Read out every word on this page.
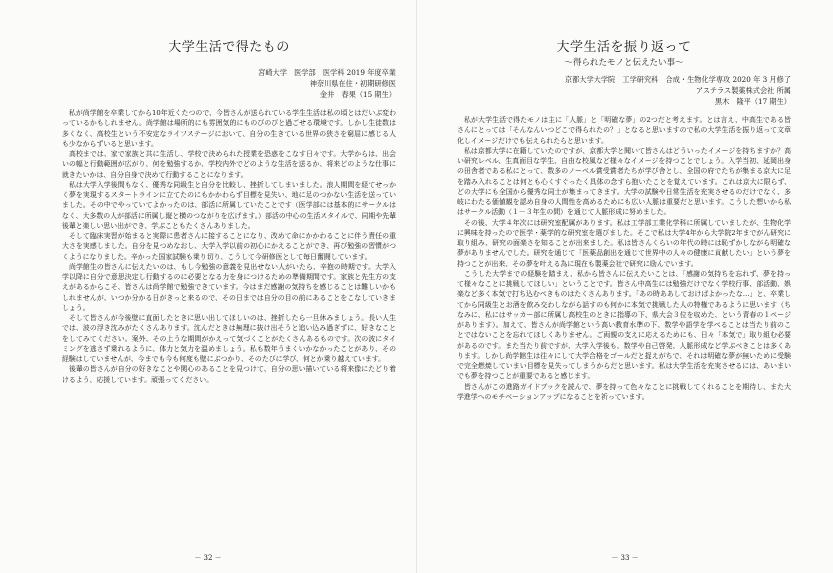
大学生活で得たもの
宮崎大学　医学部　医学科 2019 年度卒業
神奈川県在住・初期研修医
金井　春果（15 期生）

　私が尚学館を卒業してから10年近くたつので、今皆さんが送られている学生生活は私の頃とはだいぶ変わっているかもしれません。尚学館は場所的にも雰囲気的にものびのびと過ごせる環境です。しかし生徒数は多くなく、高校生という不安定なライフステージにおいて、自分の生きている世界の狭さを窮屈に感じる人も少なからずいると思います。

　高校までは、家で家族と共に生活し、学校で決められた授業を恐惑をこなす日々です。大学からは、出会いの幅と行動範囲が広がり、何を勉強するか、学校内外でどのような生活を送るか、将来どのような仕事に就きたいかは、自分自身で決めて行動することになります。

　私は大学入学後間もなく、優秀な同級生と自分を比較し、挫折してしまいました。浪人期間を経てせっかく夢を実現するスタートラインに立てたのにもかかわらず目標を見失い、地に足のつかない生活を送っていました。その中でやっていてよかったのは、部活に所属していたことです（医学部には基本的にサークルはなく、大多数の人が部活に所属し縦と横のつながりを広げます。）部活の中心の生活スタイルで、同期や先輩後輩と楽しい思い出ができ、学ぶこともたくさんありました。

　そして臨床実習が始まると実際に患者さんに接することになり、改めて命にかかわることに伴う責任の重大さを実感しました。自分を見つめなおし、大学入学以前の初心にかえることができ、再び勉強の習慣がつくようになりました。辛かった国家試験も乗り切り、こうして今研修医として毎日奮闘しています。

　尚学館生の皆さんに伝えたいのは、もし今勉強の意義を見出せない人がいたら、辛抱の時期です。大学入学以降に自分で意思決定し行動するのに必要となる力を身につけるための準備期間です。家族と先生方の支えがあるからこそ、皆さんは尚学館で勉強できています。今はまだ感謝の気持ちを感じることは難しいかもしれませんが、いつか分かる日がきっと来るので、その日までは自分の目の前にあることをこなしていきましょう。

　そして皆さんが今後壁に直面したときに思い出してほしいのは、挫折したら一旦休みましょう。長い人生では、波の浮き沈みがたくさんあります。沈んだときは無理に抜け出そうと追い込み過ぎずに、好きなことをしてみてください。案外、その上うな期間がかえって気づくことがたくさんあるものです。次の波にタイミングを逃さず乗れるように、体力と気力を温めましょう。私も数年うまくいかなかったことがあり、その経験はしていませんが、今までも今も何度も壁にぶつかり、そのたびに学び、何とか乗り越えています。

　後輩の皆さんが自分の好きなことや関心のあることを見つけて、自分の思い描いている将来像にたどり着けるよう、応援しています。頑張ってください。

－ 32 －
大学生活を振り返って
～得られたモノと伝えたい事～
京都大学大学院　工学研究科　合成・生物化学専攻 2020 年 3 月修了
アステラス製薬株式会社 所属
黒木　隆平（17 期生）

　私が大学生活で得たモノは主に「人脈」と「明確な夢」の2つだと考えます。とは言え、中高生である皆さんにとっては「そんなんいつどこで得られたの？」となると思いますので私の大学生活を振り返って文章化しイメージだけでも伝えられたらと思います。

　私は京都大学に在籍していたのですが、京都大学と聞いて皆さんはどういったイメージを持ちますか？高い研究レベル、生真面目な学生、自由な校風など様々なイメージを持つことでしょう。入学当初、延岡出身の田舎者である私にとって、数多のノーベル賞受賞者たちが学び舎とし、全国の府でたちが集まる京大に足を踏み入れることは何とも心くすぐったく具体の念すら抱いたことを覚えています。これは京大に限らず、どの大学にも全国から優秀な同士が集まってきます。大学の試験や日常生活を充実させるのだけでなく、多岐にわたる価値観を認め自身の人間性を高めるためにも広い人脈は重要だと思います。こうした想いから私はサークル活動（１－３年生の間）を通じて人脈形成に努めました。

　その後、大学４年次には研究室配属があります。私は工学部工業化学科に所属していましたが、生物化学に興味を持ったので医学・薬学的な研究室を選びました。そこで私は大学4年から大学院2年までがん研究に取り組み、研究の面楽さを知ることが出来ました。私は皆さんくらいの年代の時には恥ずかしながら明確な夢がありませんでした。研究を通じて「医薬品創出を通じて世界中の人々の健康に貢献したい」という夢を持つことが出来、その夢を叶える為に現在も製薬会社で研究に励んでいます。

　こうした大学までの経験を踏まえ、私から皆さんに伝えたいことは、「感謝の気持ちを忘れず、夢を持って様々なことに挑戦してほしい」ということです。皆さん中高生には勉強だけでなく学校行事、部活動、娯楽など多く本気で打ち込むべきものはたくさんあります。「あの時ああしておけばよかったな…」と、卒業してから同級生とお酒を飲み交わしながら話すのも何かに本気で挑戦した人の特権であるように思います（ちなみに、私にはサッカー部に所属し高校生のときに指導の下、県大会３位を収めた、という青春の１ページがあります）。加えて、皆さんが尚学館という高い教育水準の下、数学や語学を学べることは当たり前のことではないことを忘れてほしくありません。ご両親の支えに応えるためにも、日々「本気で」取り組む必要があるのです。また当たり前ですが、大学入学後も、数学や自己啓発、人脈形成など学ぶべきことは多くあります。しかし尚学館生は往々にして大学合格をゴールだと捉えがちで、それは明確な夢が無いために受験で完全燃焼していまい目標を見失ってしまうからだと思います。私は大学生活を充実させるには、あいまいでも夢を持つことが重要であると感じます。

　皆さんがこの進路ガイドブックを読んで、夢を持って色々なことに挑戦してくれることを期待し、また大学進学へのモチベーションアップになることを祈っています。

－ 33 －
